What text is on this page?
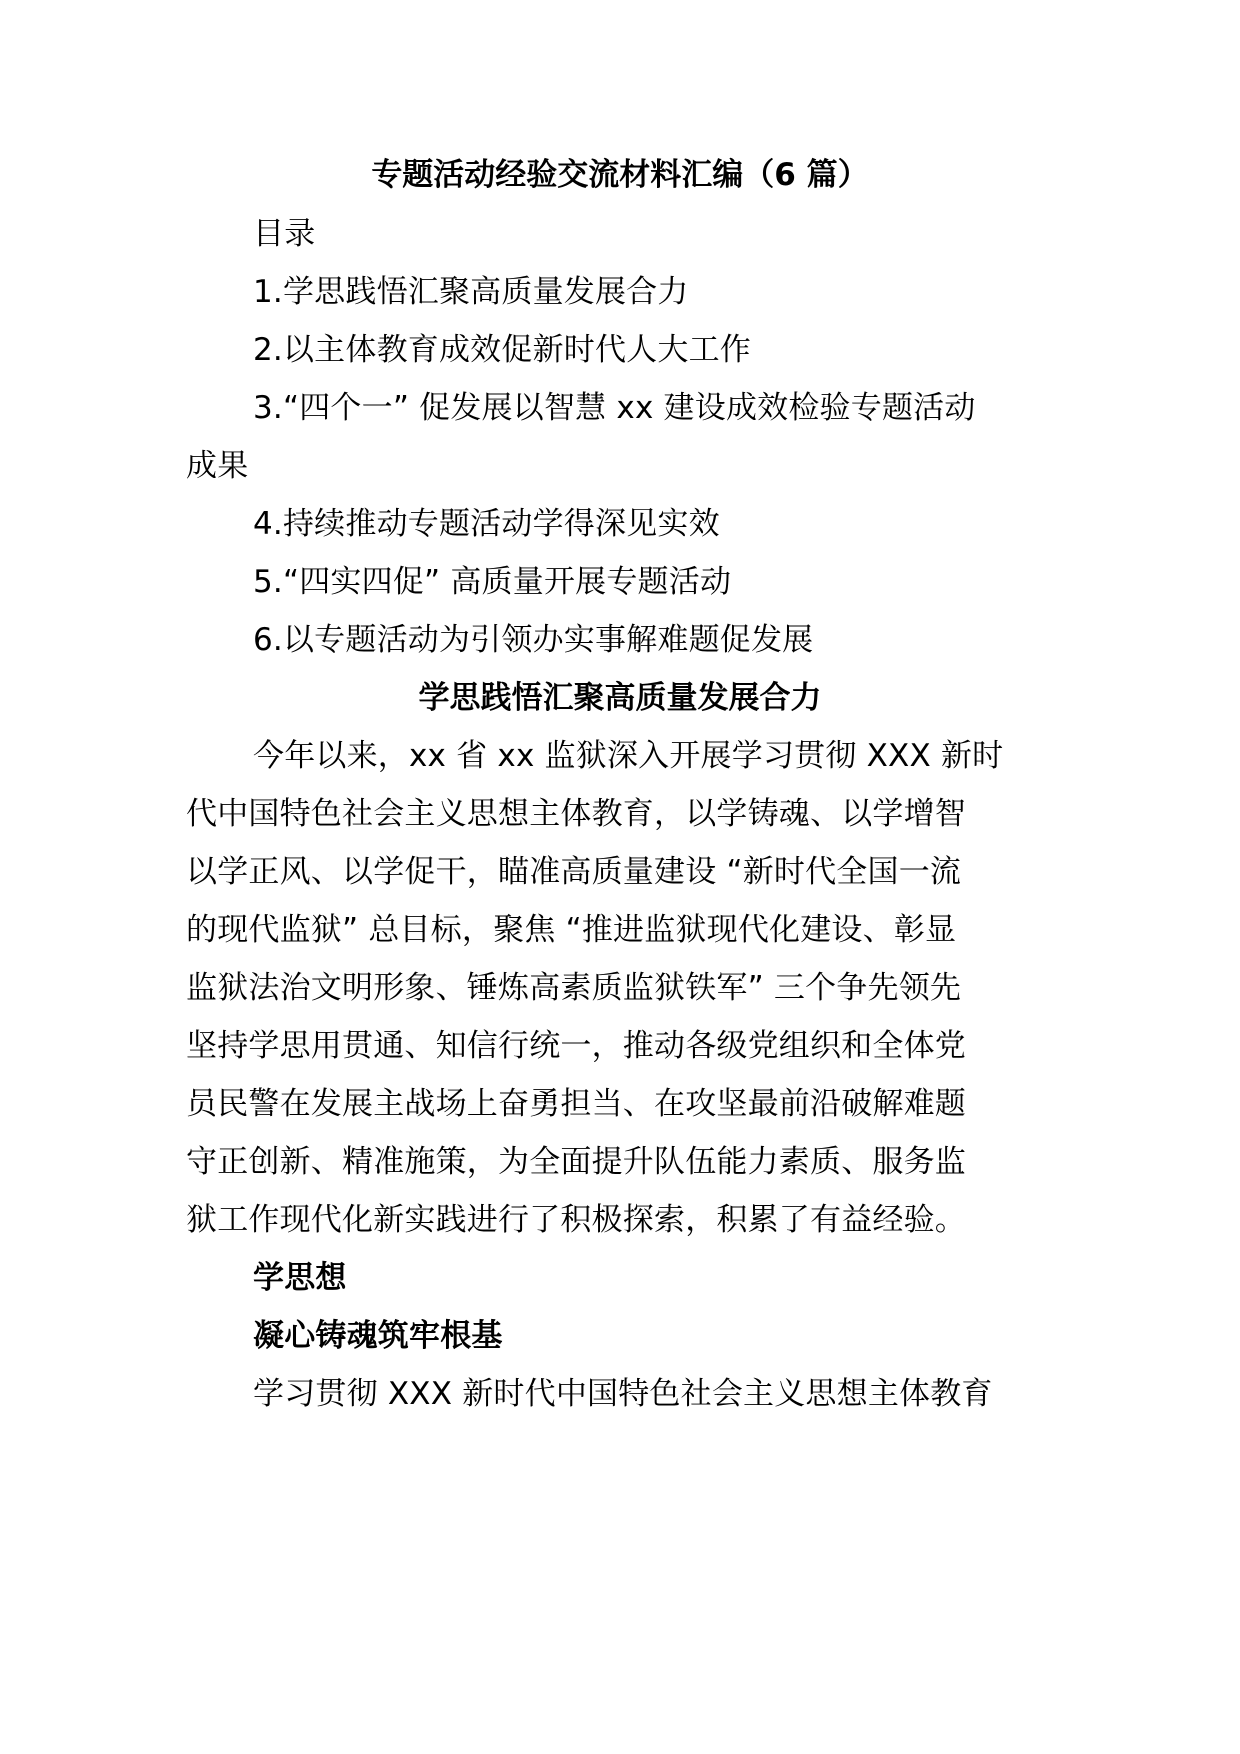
专题活动经验交流材料汇编（6 篇）
目录
1.学思践悟汇聚高质量发展合力
2.以主体教育成效促新时代人大工作
3.“四个一” 促发展以智慧 xx 建设成效检验专题活动
成果
4.持续推动专题活动学得深见实效
5.“四实四促” 高质量开展专题活动
6.以专题活动为引领办实事解难题促发展
学思践悟汇聚高质量发展合力
今年以来，xx 省 xx 监狱深入开展学习贯彻 XXX 新时
代中国特色社会主义思想主体教育，以学铸魂、以学增智
以学正风、以学促干，瞄准高质量建设 “新时代全国一流
的现代监狱” 总目标，聚焦 “推进监狱现代化建设、彰显
监狱法治文明形象、锤炼高素质监狱铁军” 三个争先领先
坚持学思用贯通、知信行统一，推动各级党组织和全体党
员民警在发展主战场上奋勇担当、在攻坚最前沿破解难题
守正创新、精准施策，为全面提升队伍能力素质、服务监
狱工作现代化新实践进行了积极探索，积累了有益经验。
学思想
凝心铸魂筑牢根基
学习贯彻 XXX 新时代中国特色社会主义思想主体教育
